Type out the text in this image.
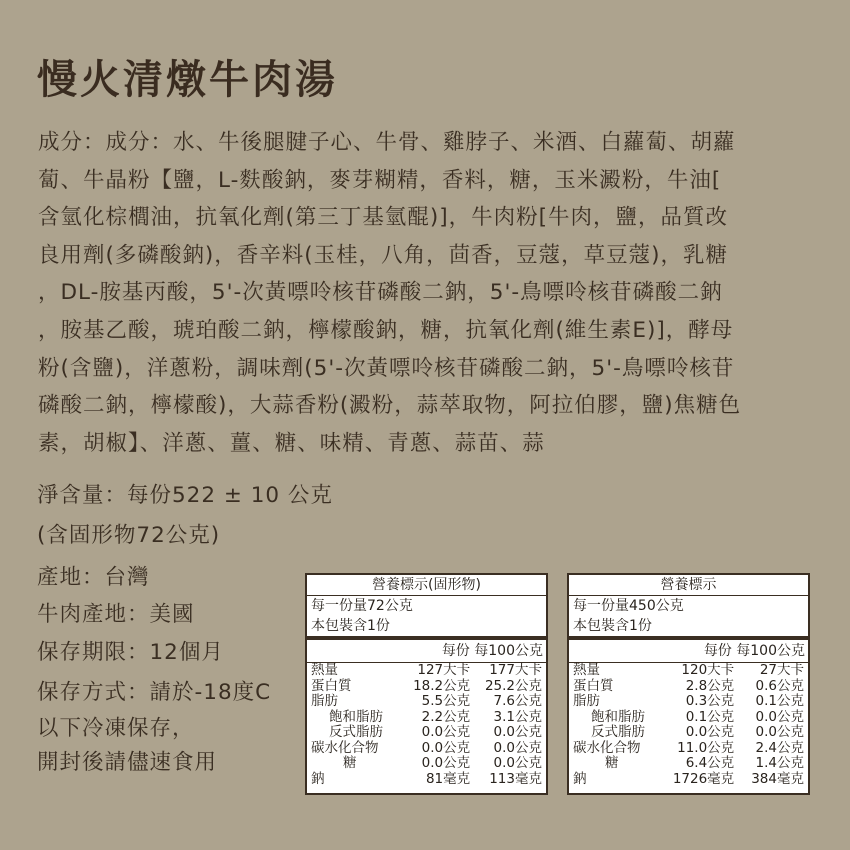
慢火清燉牛肉湯
成分：成分：水、牛後腿腱子心、牛骨、雞脖子、米酒、白蘿蔔、胡蘿
蔔、牛晶粉【鹽，L-麩酸鈉，麥芽糊精，香料，糖，玉米澱粉，牛油[
含氫化棕櫚油，抗氧化劑(第三丁基氫醌)]，牛肉粉[牛肉，鹽，品質改
良用劑(多磷酸鈉)，香辛料(玉桂，八角，茴香，豆蔻，草豆蔻)，乳糖
，DL-胺基丙酸，5'-次黃嘌呤核苷磷酸二鈉，5'-鳥嘌呤核苷磷酸二鈉
，胺基乙酸，琥珀酸二鈉，檸檬酸鈉，糖，抗氧化劑(維生素E)]，酵母
粉(含鹽)，洋蔥粉，調味劑(5'-次黃嘌呤核苷磷酸二鈉，5'-鳥嘌呤核苷
磷酸二鈉，檸檬酸)，大蒜香粉(澱粉，蒜萃取物，阿拉伯膠，鹽)焦糖色
素，胡椒】、洋蔥、薑、糖、味精、青蔥、蒜苗、蒜
淨含量：每份522 ± 10 公克
(含固形物72公克)
產地：台灣
牛肉產地：美國
保存期限：12個月
保存方式：請於-18度C
以下冷凍保存，
開封後請儘速食用
營養標示(固形物)
每一份量72公克
本包裝含1份
每份 每100公克
熱量	127大卡	177大卡
蛋白質	18.2公克	25.2公克
脂肪	5.5公克	7.6公克
飽和脂肪	2.2公克	3.1公克
反式脂肪	0.0公克	0.0公克
碳水化合物	0.0公克	0.0公克
糖	0.0公克	0.0公克
鈉	81毫克	113毫克
營養標示
每一份量450公克
本包裝含1份
每份 每100公克
熱量	120大卡	27大卡
蛋白質	2.8公克	0.6公克
脂肪	0.3公克	0.1公克
飽和脂肪	0.1公克	0.0公克
反式脂肪	0.0公克	0.0公克
碳水化合物	11.0公克	2.4公克
糖	6.4公克	1.4公克
鈉	1726毫克	384毫克
